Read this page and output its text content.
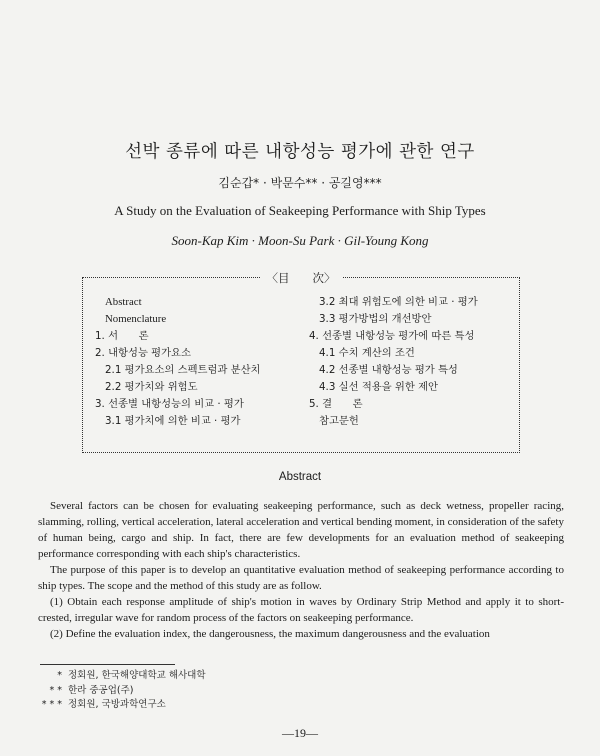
선박 종류에 따른 내항성능 평가에 관한 연구
김순갑* · 박문수** · 공길영***
A Study on the Evaluation of Seakeeping Performance with Ship Types
Soon-Kap Kim · Moon-Su Park · Gil-Young Kong
〈目　　次〉
Abstract
Nomenclature
1. 서　　론
2. 내항성능 평가요소
2.1 평가요소의 스펙트럼과 분산치
2.2 평가치와 위험도
3. 선종별 내항성능의 비교 · 평가
3.1 평가치에 의한 비교 · 평가
3.2 최대 위험도에 의한 비교 · 평가
3.3 평가방법의 개선방안
4. 선종별 내항성능 평가에 따른 특성
4.1 수치 계산의 조건
4.2 선종별 내항성능 평가 특성
4.3 실선 적용을 위한 제안
5. 결　　론
참고문헌
Abstract

Several factors can be chosen for evaluating seakeeping performance, such as deck wetness, propeller racing, slamming, rolling, vertical acceleration, lateral acceleration and vertical bending moment, in consideration of the safety of human being, cargo and ship. In fact, there are few developments for an evaluation method of seakeeping performance corresponding with each ship's characteristics.

The purpose of this paper is to develop an quantitative evaluation method of seakeeping performance according to ship types. The scope and the method of this study are as follow.

(1) Obtain each response amplitude of ship's motion in waves by Ordinary Strip Method and apply it to short-crested, irregular wave for random process of the factors on seakeeping performance.

(2) Define the evaluation index, the dangerousness, the maximum dangerousness and the evaluation

* 정회원, 한국해양대학교 해사대학
* * 한라 중공업(주)
* * * 정회원, 국방과학연구소
—19—
